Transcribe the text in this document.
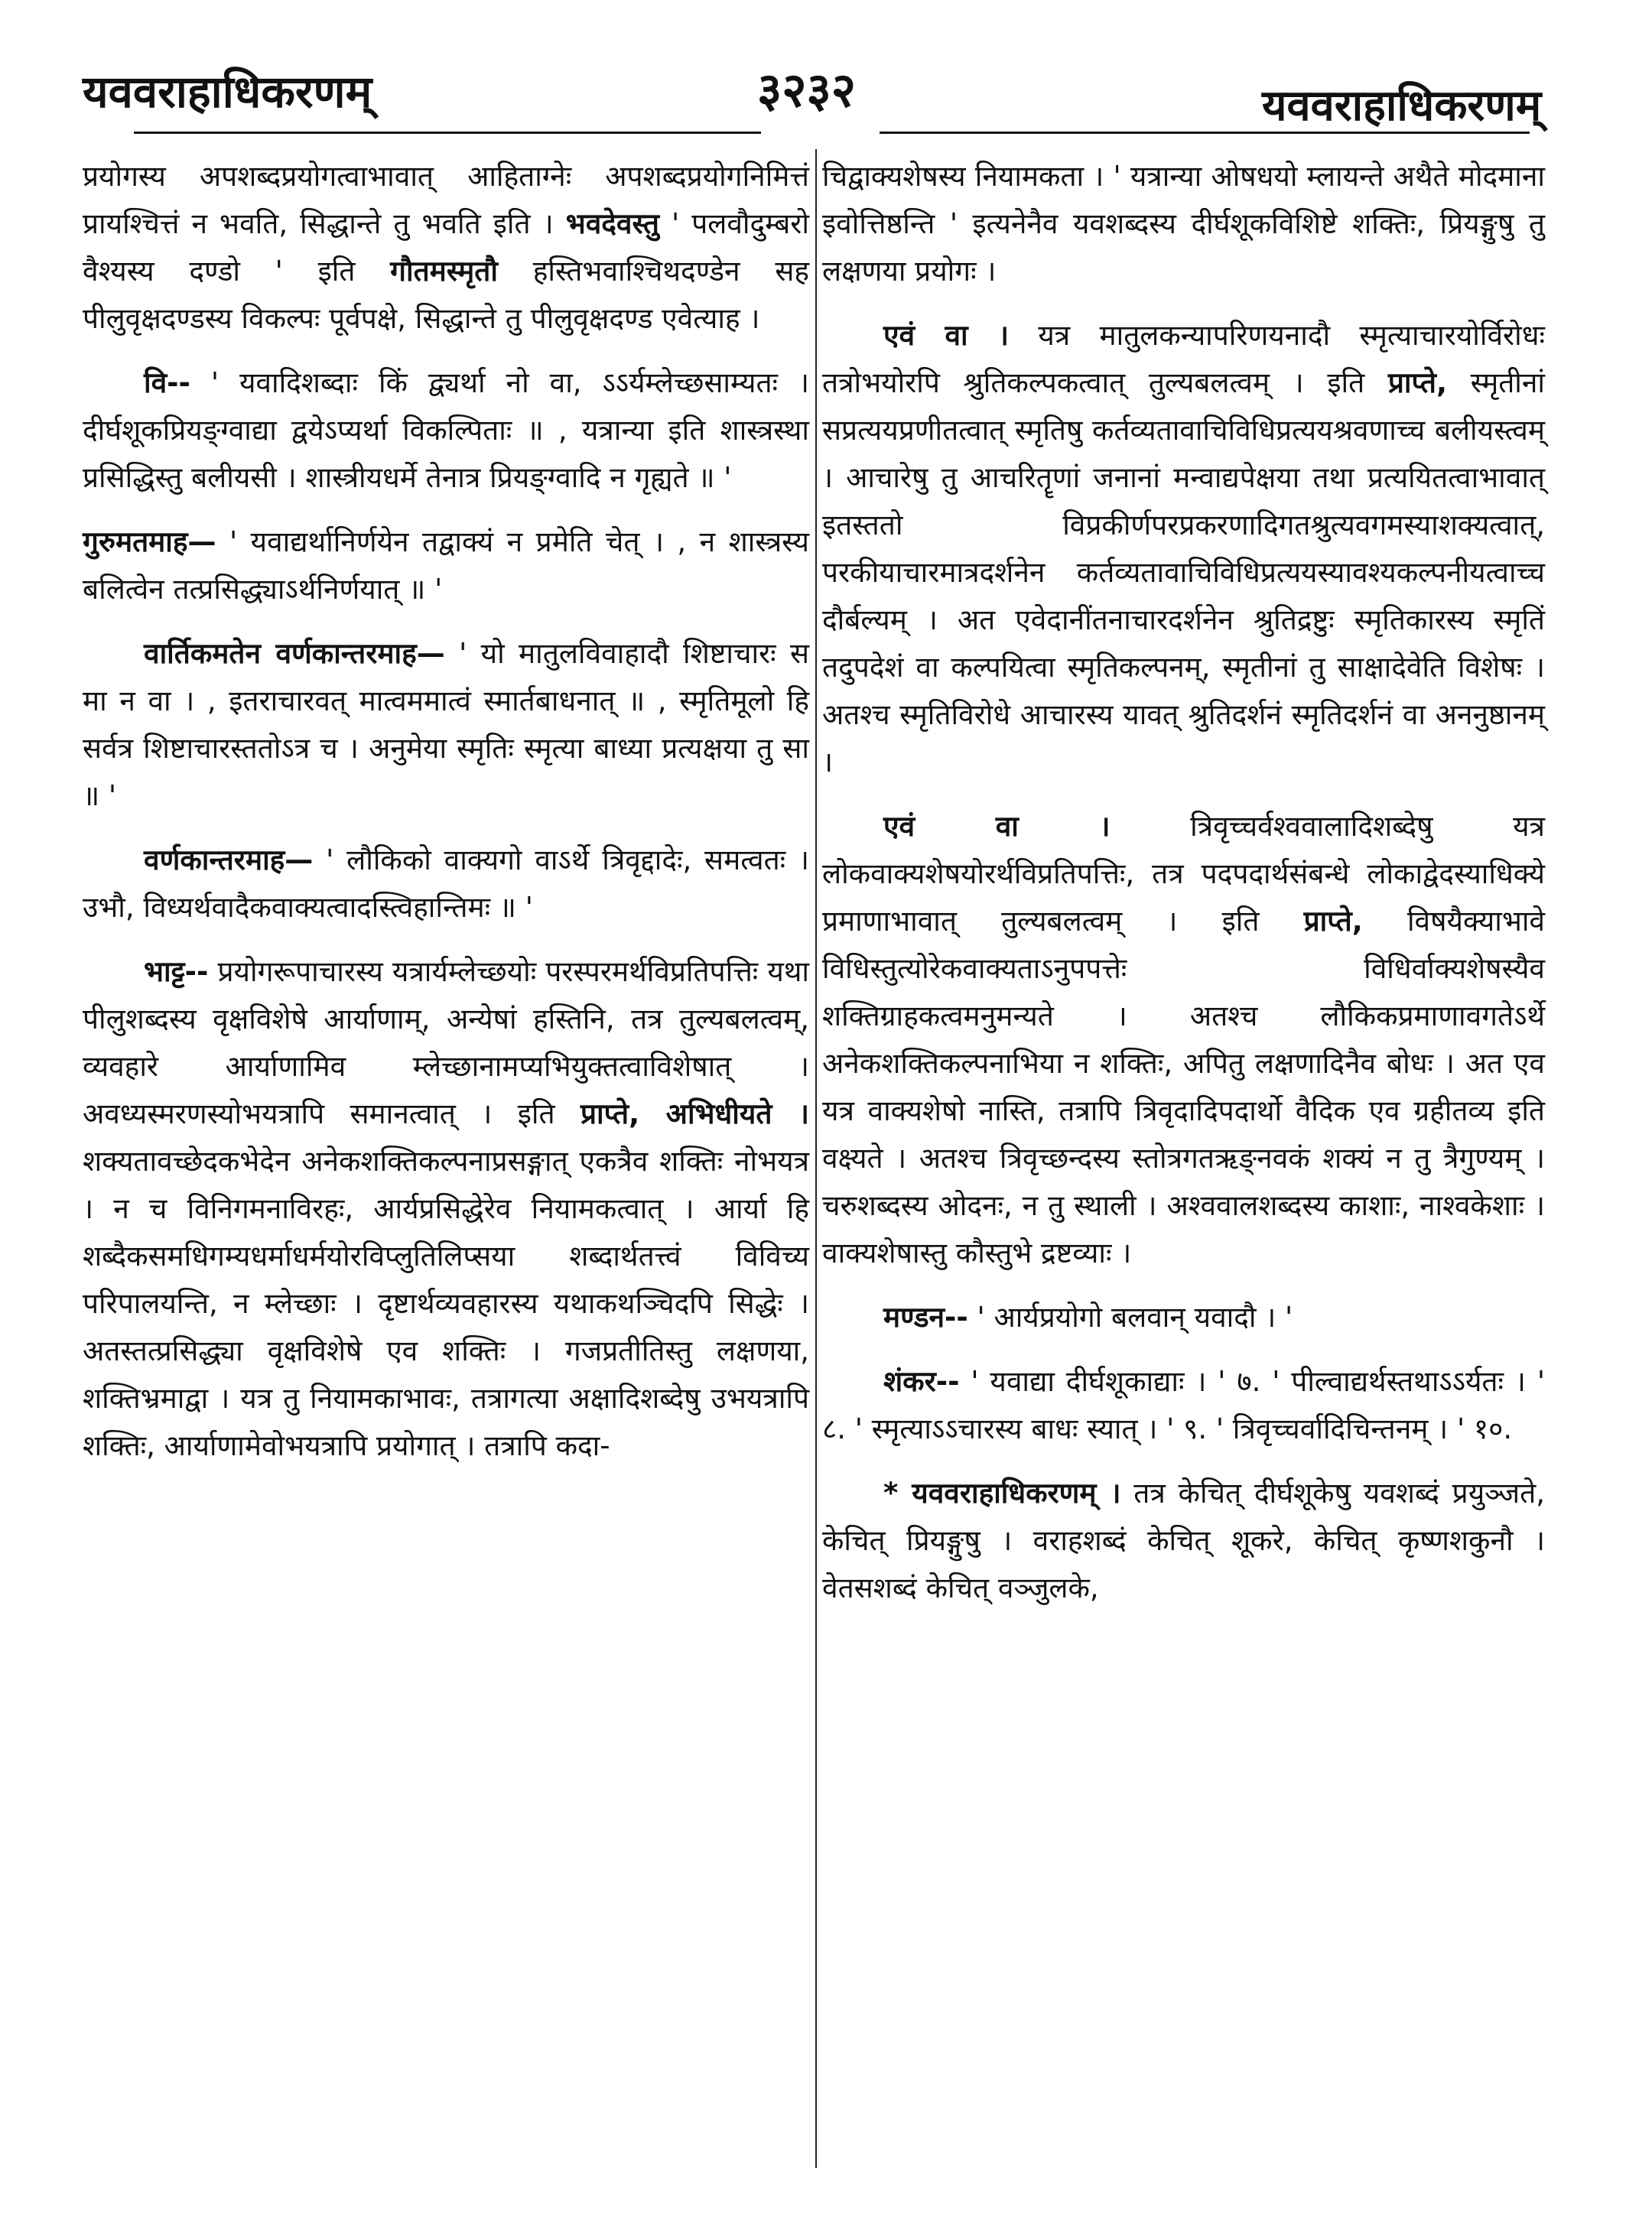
यववराहाधिकरणम्	३२३२	यववराहाधिकरणम्

प्रयोगस्य अपशब्दप्रयोगत्वाभावात् आहिताग्नेः अपशब्दप्रयोगनिमित्तं प्रायश्चित्तं न भवति, सिद्धान्ते तु भवति इति । भवदेवस्तु ' पलवौदुम्बरो वैश्यस्य दण्डो ' इति गौतमस्मृतौ हस्तिभवाश्चिथदण्डेन सह पीलुवृक्षदण्डस्य विकल्पः पूर्वपक्षे, सिद्धान्ते तु पीलुवृक्षदण्ड एवेत्याह ।

वि-- ' यवादिशब्दाः किं द्व्यर्था नो वा, ऽऽर्यम्लेच्छसाम्यतः । दीर्घशूकप्रियङ्ग्वाद्या द्वयेऽप्यर्था विकल्पिताः ॥ , यत्रान्या इति शास्त्रस्था प्रसिद्धिस्तु बलीयसी । शास्त्रीयधर्मे तेनात्र प्रियङ्ग्वादि न गृह्यते ॥ '

गुरुमतमाह— ' यवाद्यर्थानिर्णयेन तद्वाक्यं न प्रमेति चेत् । , न शास्त्रस्य बलित्वेन तत्प्रसिद्ध्याऽर्थनिर्णयात् ॥ '

वार्तिकमतेन वर्णकान्तरमाह— ' यो मातुलविवाहादौ शिष्टाचारः स मा न वा । , इतराचारवत् मात्वममात्वं स्मार्तबाधनात् ॥ , स्मृतिमूलो हि सर्वत्र शिष्टाचारस्ततोऽत्र च । अनुमेया स्मृतिः स्मृत्या बाध्या प्रत्यक्षया तु सा ॥ '

वर्णकान्तरमाह— ' लौकिको वाक्यगो वाऽर्थे त्रिवृद्दादेः, समत्वतः । उभौ, विध्यर्थवादैकवाक्यत्वादस्त्विहान्तिमः ॥ '

भाट्ट-- प्रयोगरूपाचारस्य यत्रार्यम्लेच्छयोः परस्परमर्थविप्रतिपत्तिः यथा पीलुशब्दस्य वृक्षविशेषे आर्याणाम्, अन्येषां हस्तिनि, तत्र तुल्यबलत्वम्, व्यवहारे आर्याणामिव म्लेच्छानामप्यभियुक्तत्वाविशेषात् । अवध्यस्मरणस्योभयत्रापि समानत्वात् । इति प्राप्ते, अभिधीयते । शक्यतावच्छेदकभेदेन अनेकशक्तिकल्पनाप्रसङ्गात् एकत्रैव शक्तिः नोभयत्र । न च विनिगमनाविरहः, आर्यप्रसिद्धेरेव नियामकत्वात् । आर्या हि शब्दैकसमधिगम्यधर्माधर्मयोरविप्लुतिलिप्सया शब्दार्थतत्त्वं विविच्य परिपालयन्ति, न म्लेच्छाः । दृष्टार्थव्यवहारस्य यथाकथञ्चिदपि सिद्धेः । अतस्तत्प्रसिद्ध्या वृक्षविशेषे एव शक्तिः । गजप्रतीतिस्तु लक्षणया, शक्तिभ्रमाद्वा । यत्र तु नियामकाभावः, तत्रागत्या अक्षादिशब्देषु उभयत्रापि शक्तिः, आर्याणामेवोभयत्रापि प्रयोगात् । तत्रापि कदा-

चिद्वाक्यशेषस्य नियामकता । ' यत्रान्या ओषधयो म्लायन्ते अथैते मोदमाना इवोत्तिष्ठन्ति ' इत्यनेनैव यवशब्दस्य दीर्घशूकविशिष्टे शक्तिः, प्रियङ्गुषु तु लक्षणया प्रयोगः ।

एवं वा । यत्र मातुलकन्यापरिणयनादौ स्मृत्याचारयोर्विरोधः तत्रोभयोरपि श्रुतिकल्पकत्वात् तुल्यबलत्वम् । इति प्राप्ते, स्मृतीनां सप्रत्ययप्रणीतत्वात् स्मृतिषु कर्तव्यतावाचिविधिप्रत्ययश्रवणाच्च बलीयस्त्वम् । आचारेषु तु आचरितॄणां जनानां मन्वाद्यपेक्षया तथा प्रत्ययितत्वाभावात् इतस्ततो विप्रकीर्णपरप्रकरणादिगतश्रुत्यवगमस्याशक्यत्वात्, परकीयाचारमात्रदर्शनेन कर्तव्यतावाचिविधिप्रत्ययस्यावश्यकल्पनीयत्वाच्च दौर्बल्यम् । अत एवेदानींतनाचारदर्शनेन श्रुतिद्रष्टुः स्मृतिकारस्य स्मृतिं तदुपदेशं वा कल्पयित्वा स्मृतिकल्पनम्, स्मृतीनां तु साक्षादेवेति विशेषः । अतश्च स्मृतिविरोधे आचारस्य यावत् श्रुतिदर्शनं स्मृतिदर्शनं वा अननुष्ठानम् ।

एवं वा । त्रिवृच्चर्वश्ववालादिशब्देषु यत्र लोकवाक्यशेषयोरर्थविप्रतिपत्तिः, तत्र पदपदार्थसंबन्धे लोकाद्वेदस्याधिक्ये प्रमाणाभावात् तुल्यबलत्वम् । इति प्राप्ते, विषयैक्याभावे विधिस्तुत्योरेकवाक्यताऽनुपपत्तेः विधिर्वाक्यशेषस्यैव शक्तिग्राहकत्वमनुमन्यते । अतश्च लौकिकप्रमाणावगतेऽर्थे अनेकशक्तिकल्पनाभिया न शक्तिः, अपितु लक्षणादिनैव बोधः । अत एव यत्र वाक्यशेषो नास्ति, तत्रापि त्रिवृदादिपदार्थो वैदिक एव ग्रहीतव्य इति वक्ष्यते । अतश्च त्रिवृच्छन्दस्य स्तोत्रगतऋङ्नवकं शक्यं न तु त्रैगुण्यम् । चरुशब्दस्य ओदनः, न तु स्थाली । अश्ववालशब्दस्य काशाः, नाश्वकेशाः । वाक्यशेषास्तु कौस्तुभे द्रष्टव्याः ।

मण्डन-- ' आर्यप्रयोगो बलवान् यवादौ । '

शंकर-- ' यवाद्या दीर्घशूकाद्याः । ' ७. ' पील्वाद्यर्थस्तथाऽऽर्यतः । ' ८. ' स्मृत्याऽऽचारस्य बाधः स्यात् । ' ९. ' त्रिवृच्चर्वादिचिन्तनम् । ' १०.

* यववराहाधिकरणम् । तत्र केचित् दीर्घशूकेषु यवशब्दं प्रयुञ्जते, केचित् प्रियङ्गुषु । वराहशब्दं केचित् शूकरे, केचित् कृष्णशकुनौ । वेतसशब्दं केचित् वञ्जुलके,
